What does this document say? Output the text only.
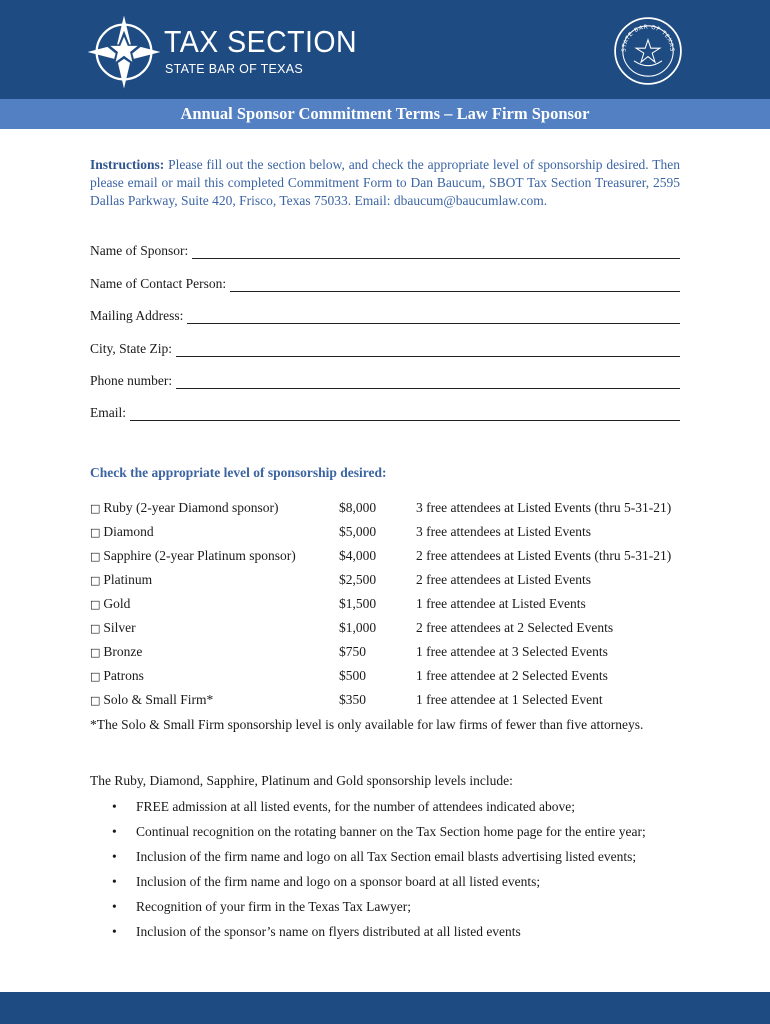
TAX SECTION
STATE BAR OF TEXAS
STATE BAR OF TEXAS
Annual Sponsor Commitment Terms – Law Firm Sponsor
Instructions: Please fill out the section below, and check the appropriate level of sponsorship desired. Then please email or mail this completed Commitment Form to Dan Baucum, SBOT Tax Section Treasurer, 2595 Dallas Parkway, Suite 420, Frisco, Texas 75033. Email: dbaucum@baucumlaw.com.
Name of Sponsor:
Name of Contact Person:
Mailing Address:
City, State Zip:
Phone number:
Email:
Check the appropriate level of sponsorship desired:
□ Ruby (2-year Diamond sponsor)	$8,000	3 free attendees at Listed Events (thru 5-31-21)
□ Diamond	$5,000	3 free attendees at Listed Events
□ Sapphire (2-year Platinum sponsor)	$4,000	2 free attendees at Listed Events (thru 5-31-21)
□ Platinum	$2,500	2 free attendees at Listed Events
□ Gold	$1,500	1 free attendee at Listed Events
□ Silver	$1,000	2 free attendees at 2 Selected Events
□ Bronze	$750	1 free attendee at 3 Selected Events
□ Patrons	$500	1 free attendee at 2 Selected Events
□ Solo & Small Firm*	$350	1 free attendee at 1 Selected Event
*The Solo & Small Firm sponsorship level is only available for law firms of fewer than five attorneys.
The Ruby, Diamond, Sapphire, Platinum and Gold sponsorship levels include:
• FREE admission at all listed events, for the number of attendees indicated above;
• Continual recognition on the rotating banner on the Tax Section home page for the entire year;
• Inclusion of the firm name and logo on all Tax Section email blasts advertising listed events;
• Inclusion of the firm name and logo on a sponsor board at all listed events;
• Recognition of your firm in the Texas Tax Lawyer;
• Inclusion of the sponsor’s name on flyers distributed at all listed events
